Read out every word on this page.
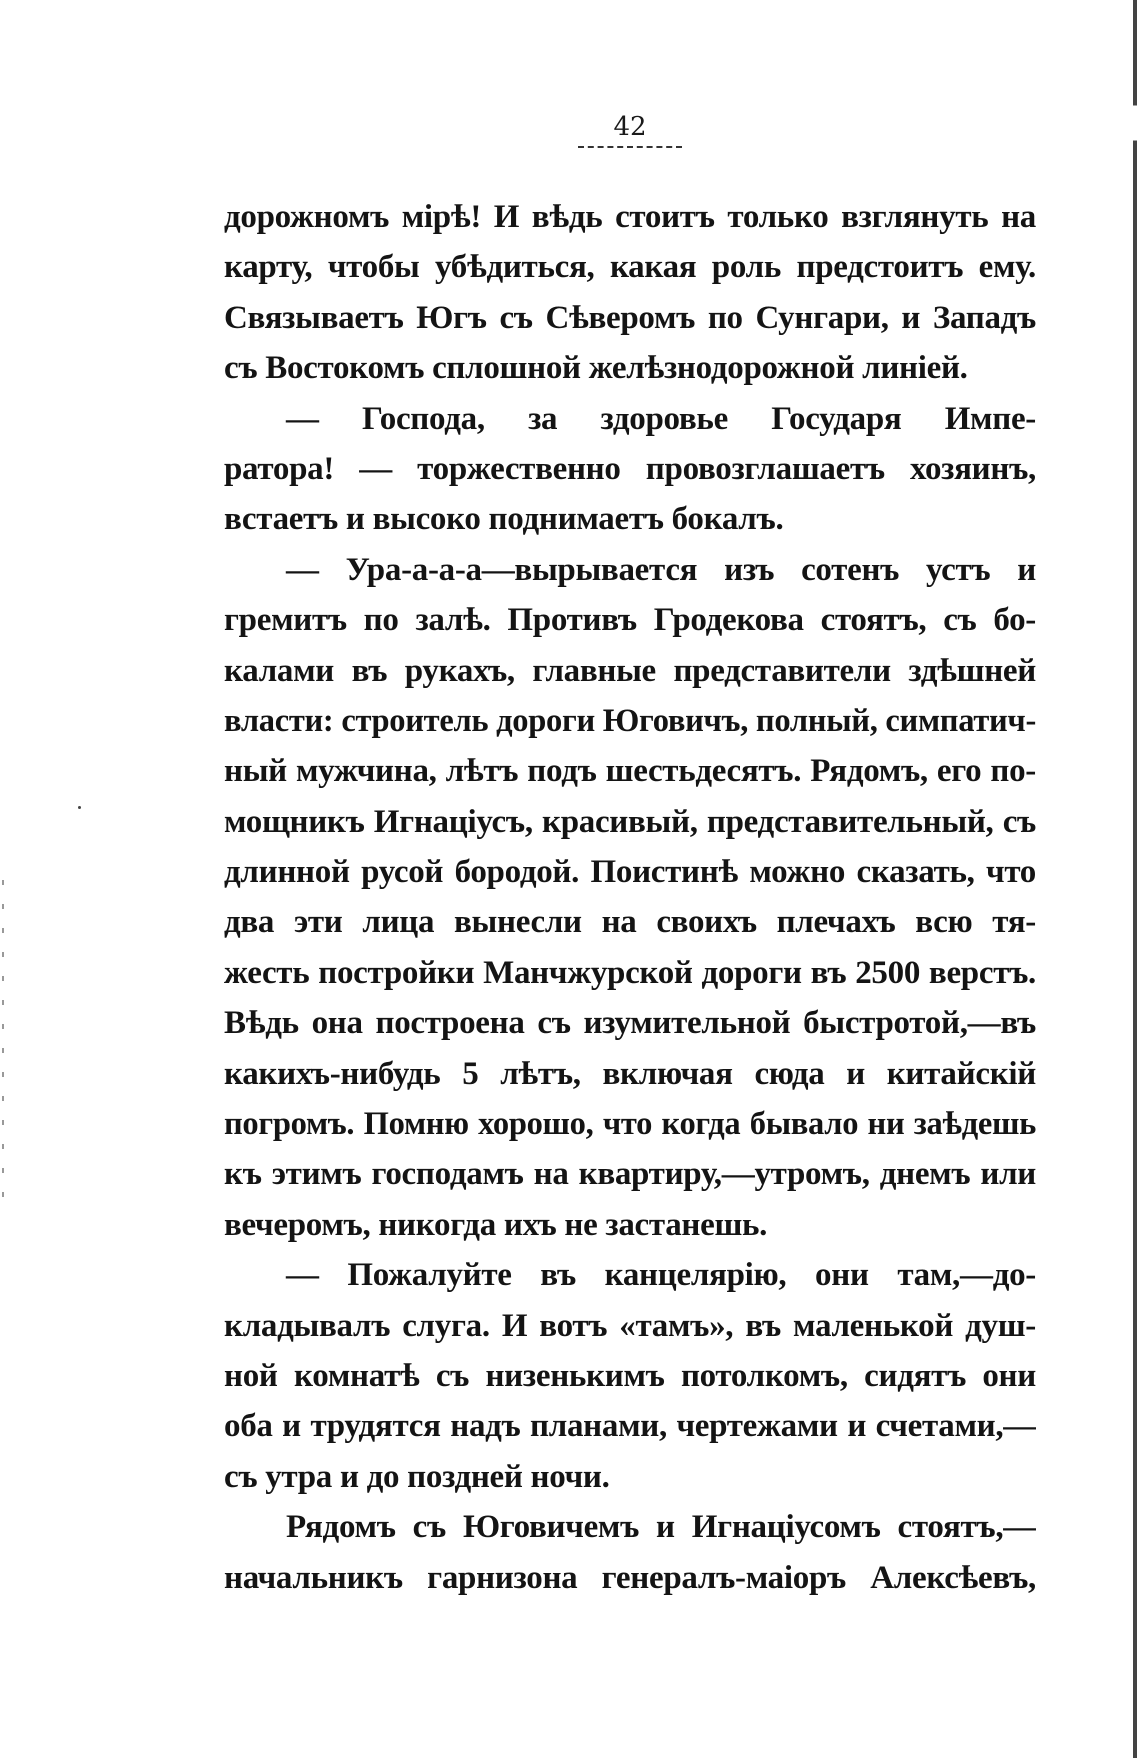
42
дорожномъ мірѣ! И вѣдь стоитъ только взглянуть на
карту, чтобы убѣдиться, какая роль предстоитъ ему.
Связываетъ Югъ съ Сѣверомъ по Сунгари, и Западъ
съ Востокомъ сплошной желѣзнодорожной линіей.
— Господа, за здоровье Государя Импе-
ратора! — торжественно провозглашаетъ хозяинъ,
встаетъ и высоко поднимаетъ бокалъ.
— Ура-а-а-а—вырывается изъ сотенъ устъ и
гремитъ по залѣ. Противъ Гродекова стоятъ, съ бо-
калами въ рукахъ, главные представители здѣшней
власти: строитель дороги Юговичъ, полный, симпатич-
ный мужчина, лѣтъ подъ шестьдесятъ. Рядомъ, его по-
мощникъ Игнаціусъ, красивый, представительный, съ
длинной русой бородой. Поистинѣ можно сказать, что
два эти лица вынесли на своихъ плечахъ всю тя-
жесть постройки Манчжурской дороги въ 2500 верстъ.
Вѣдь она построена съ изумительной быстротой,—въ
какихъ-нибудь 5 лѣтъ, включая сюда и китайскій
погромъ. Помню хорошо, что когда бывало ни заѣдешь
къ этимъ господамъ на квартиру,—утромъ, днемъ или
вечеромъ, никогда ихъ не застанешь.
— Пожалуйте въ канцелярію, они там,—до-
кладывалъ слуга. И вотъ «тамъ», въ маленькой душ-
ной комнатѣ съ низенькимъ потолкомъ, сидятъ они
оба и трудятся надъ планами, чертежами и счетами,—
съ утра и до поздней ночи.
Рядомъ съ Юговичемъ и Игнаціусомъ стоятъ,—
начальникъ гарнизона генералъ-маіоръ Алексѣевъ,
